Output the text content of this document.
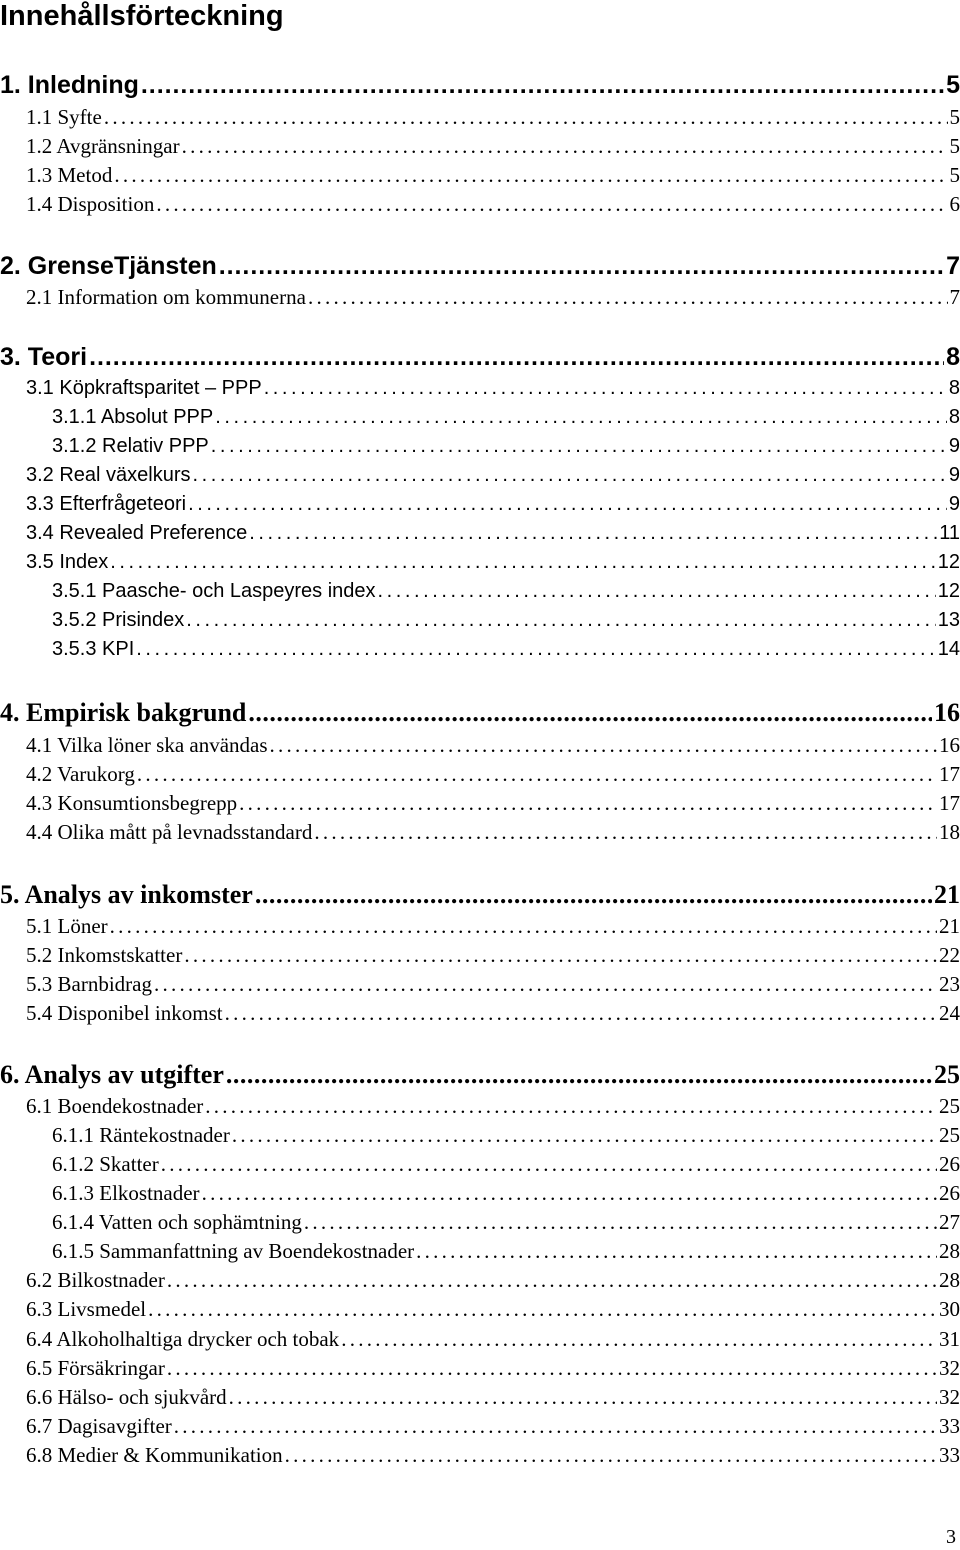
Innehållsförteckning
1. Inledning . . .	5
1.1 Syfte . . .	5
1.2 Avgränsningar . . .	5
1.3 Metod . . .	5
1.4 Disposition . . .	6
2. GrenseTjänsten . . .	7
2.1 Information om kommunerna . . .	7
3. Teori . . .	8
3.1 Köpkraftsparitet – PPP . . .	8
3.1.1 Absolut PPP . . .	8
3.1.2 Relativ PPP . . .	9
3.2 Real växelkurs . . .	9
3.3 Efterfrågeteori . . .	9
3.4 Revealed Preference . . .	11
3.5 Index . . .	12
3.5.1 Paasche- och Laspeyres index . . .	12
3.5.2 Prisindex . . .	13
3.5.3 KPI . . .	14
4. Empirisk bakgrund . . .	16
4.1 Vilka löner ska användas . . .	16
4.2 Varukorg . . .	17
4.3 Konsumtionsbegrepp . . .	17
4.4 Olika mått på levnadsstandard . . .	18
5. Analys av inkomster . . .	21
5.1 Löner . . .	21
5.2 Inkomstskatter . . .	22
5.3 Barnbidrag . . .	23
5.4 Disponibel inkomst . . .	24
6. Analys av utgifter . . .	25
6.1 Boendekostnader . . .	25
6.1.1 Räntekostnader . . .	25
6.1.2 Skatter . . .	26
6.1.3 Elkostnader . . .	26
6.1.4 Vatten och sophämtning . . .	27
6.1.5 Sammanfattning av Boendekostnader . . .	28
6.2 Bilkostnader . . .	28
6.3 Livsmedel . . .	30
6.4 Alkoholhaltiga drycker och tobak . . .	31
6.5 Försäkringar . . .	32
6.6 Hälso- och sjukvård . . .	32
6.7 Dagisavgifter . . .	33
6.8 Medier & Kommunikation . . .	33
3
